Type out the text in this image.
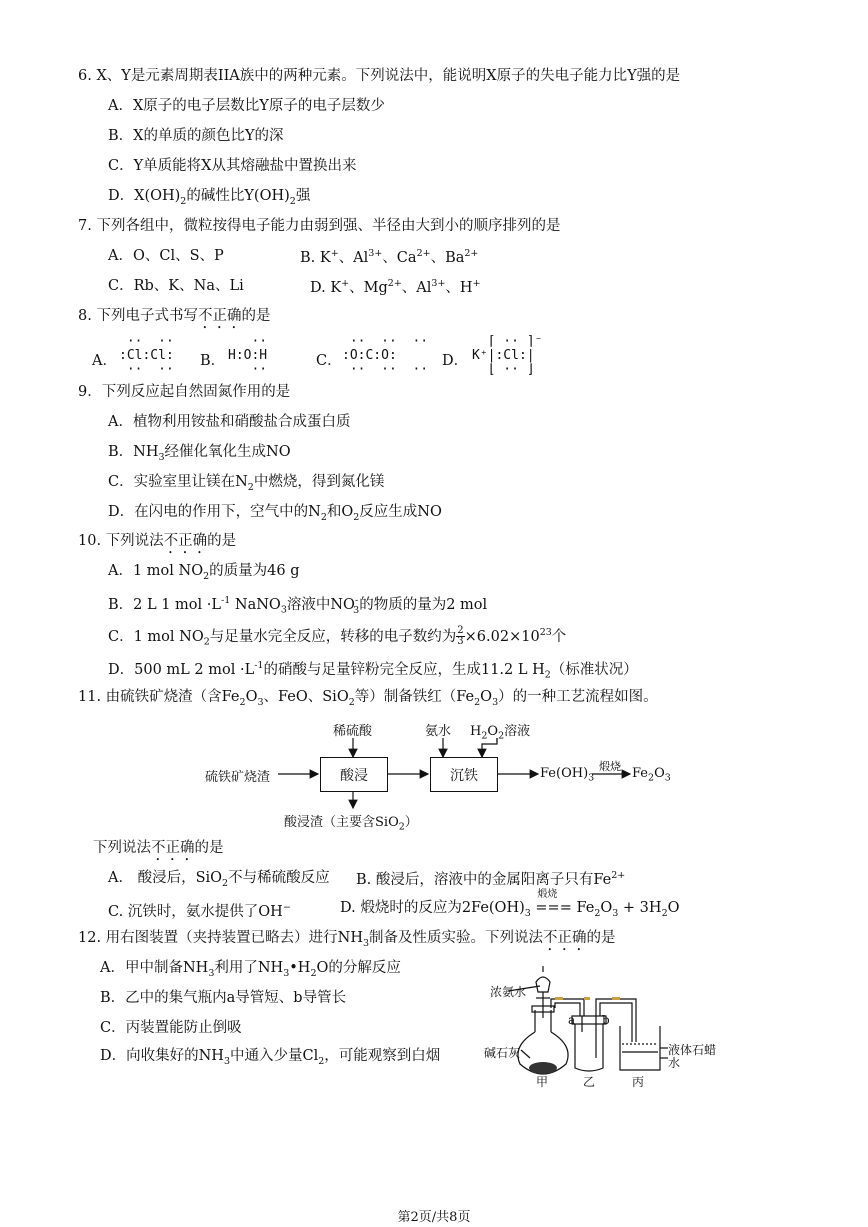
6. X、Y是元素周期表IIA族中的两种元素。下列说法中，能说明X原子的失电子能力比Y强的是
A．X原子的电子层数比Y原子的电子层数少
B．X的单质的颜色比Y的深
C．Y单质能将X从其熔融盐中置换出来
D．$X(OH)_2$的碱性比$Y(OH)_2$强
7. 下列各组中，微粒按得电子能力由弱到强、半径由大到小的顺序排列的是
A．O、Cl、S、P	B. K+、$Al^{3+}$、$Ca^{2+}$、$Ba^{2+}$
C．Rb、K、Na、Li	D. K+、$Mg^{2+}$、$Al^{3+}$、H+
8. 下列电子式书写不正确的是
A．
··  ··
:Cl:Cl:
··  ··
B．
··
H:O:H
··
C．
··  ··  ··
:O:C:O:
··  ··  ··
D．
⌈ ·· ⌉⁻
K⁺|:Cl:|
⌊ ·· ⌋
9．下列反应起自然固氮作用的是
A．植物利用铵盐和硝酸盐合成蛋白质
B．$NH_3$经催化氧化生成NO
C．实验室里让镁在$N_2$中燃烧，得到氮化镁
D．在闪电的作用下，空气中的$N_2$和$O_2$反应生成NO
10. 下列说法不正确的是
A．1 mol $NO_2$的质量为46 g
B．2 L 1 mol $\cdot L^{-1}$ NaNO$_3$溶液中$NO^-_3$的物质的量为2 mol
C．1 mol $NO_2$与足量水完全反应，转移的电子数约为 $\frac{2}{3} \times 6.02\times 10^{23}$个
D．500 mL 2 mol $\cdot L^{-1}$的硝酸与足量锌粉完全反应，生成11.2 L $H_2$（标准状况）
11. 由硫铁矿烧渣（含$Fe_2O_3$、FeO、SiO$_2$等）制备铁红$(Fe_2O_3)$的一种工艺流程如图。
硫铁矿烧渣	酸浸	沉铁
稀硫酸	氨水 $H_2O_2$溶液
酸浸渣（主要含SiO$_2$）
$Fe(OH)_3$
煅烧 $Fe_2O_3$
下列说法不正确的是
A． 酸浸后，SiO$_2$不与稀硫酸反应 B. 酸浸后，溶液中的金属阳离子只有$Fe^{2+}$
C. 沉铁时，氨水提供了OH−	D. 煅烧时的反应为$2Fe(OH)_3$
煅烧
=== $Fe_2O_3 + 3H_2O$
12. 用右图装置（夹持装置已略去）进行$NH_3$制备及性质实验。下列说法不正确的是
A．甲中制备$NH_3$利用了$NH_3•H_2O$的分解反应
B．乙中的集气瓶内a导管短、b导管长
C．丙装置能防止倒吸
D．向收集好的$NH_3$中通入少量$Cl_2$，可能观察到白烟
浓氨水
碱石灰
a b
液体石蜡
水
甲	乙	丙
第2页/共8页
